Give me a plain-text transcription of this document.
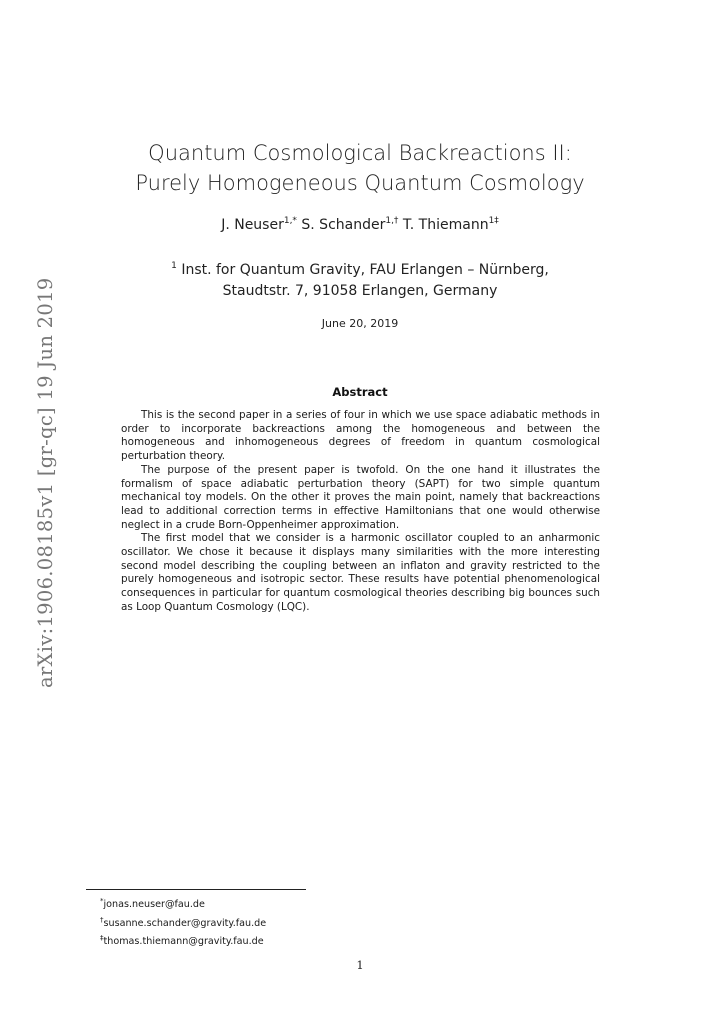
arXiv:1906.08185v1 [gr-qc] 19 Jun 2019
Quantum Cosmological Backreactions II:
Purely Homogeneous Quantum Cosmology
J. Neuser$^{1,*}$ S. Schander$^{1,\dagger}$ T. Thiemann$^{1\ddagger}$
$^1$ Inst. for Quantum Gravity, FAU Erlangen – Nürnberg,
Staudtstr. 7, 91058 Erlangen, Germany
June 20, 2019
Abstract

This is the second paper in a series of four in which we use space adiabatic methods in order to incorporate backreactions among the homogeneous and between the homogeneous and inhomogeneous degrees of freedom in quantum cosmological perturbation theory.

The purpose of the present paper is twofold. On the one hand it illustrates the formalism of space adiabatic perturbation theory (SAPT) for two simple quantum mechanical toy models. On the other it proves the main point, namely that backreactions lead to additional correction terms in effective Hamiltonians that one would otherwise neglect in a crude Born-Oppenheimer approximation.

The first model that we consider is a harmonic oscillator coupled to an anharmonic oscillator. We chose it because it displays many similarities with the more interesting second model describing the coupling between an inflaton and gravity restricted to the purely homogeneous and isotropic sector. These results have potential phenomenological consequences in particular for quantum cosmological theories describing big bounces such as Loop Quantum Cosmology (LQC).

*jonas.neuser@fau.de
†susanne.schander@gravity.fau.de
‡thomas.thiemann@gravity.fau.de
1
